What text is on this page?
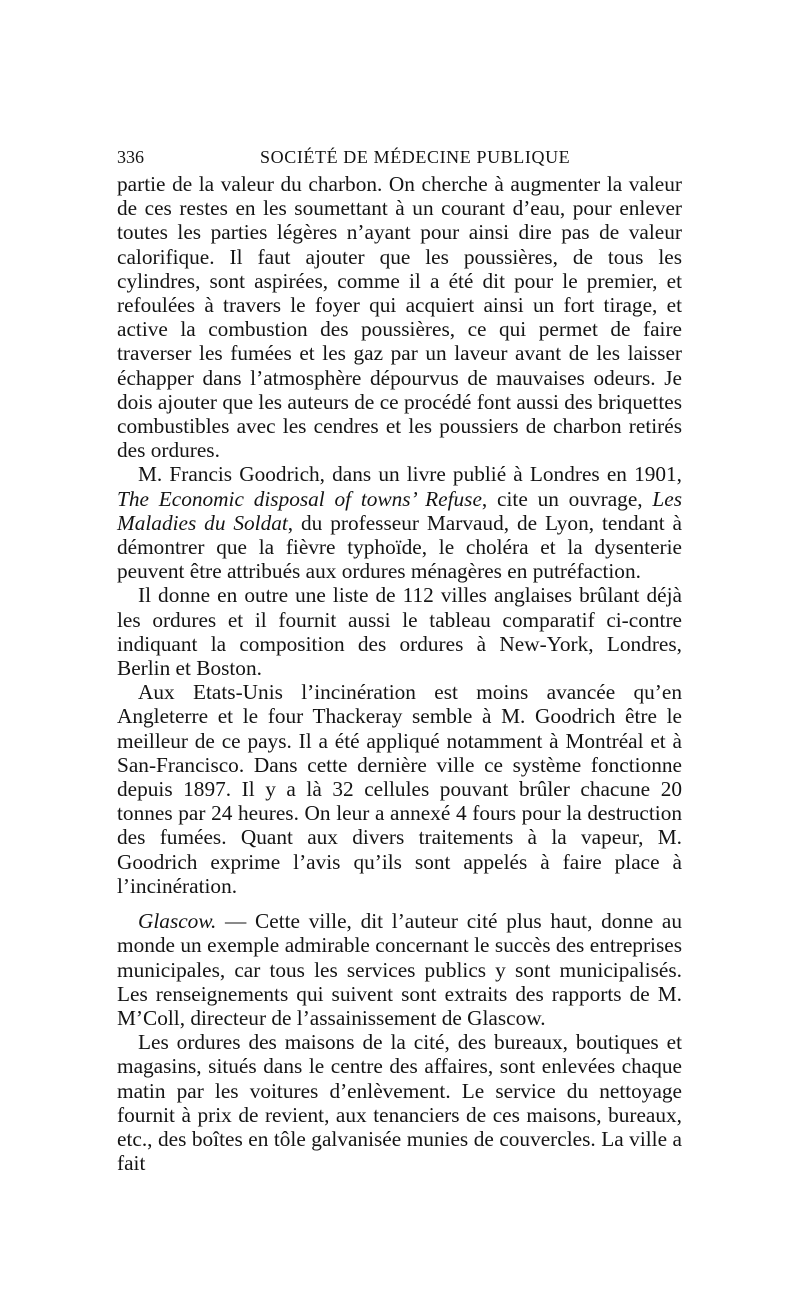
336	SOCIÉTÉ DE MÉDECINE PUBLIQUE

partie de la valeur du charbon. On cherche à augmenter la valeur de ces restes en les soumettant à un courant d’eau, pour enlever toutes les parties légères n’ayant pour ainsi dire pas de valeur calorifique. Il faut ajouter que les poussières, de tous les cylindres, sont aspirées, comme il a été dit pour le premier, et refoulées à travers le foyer qui acquiert ainsi un fort tirage, et active la combustion des poussières, ce qui permet de faire traverser les fumées et les gaz par un laveur avant de les laisser échapper dans l’atmosphère dépourvus de mauvaises odeurs. Je dois ajouter que les auteurs de ce procédé font aussi des briquettes combustibles avec les cendres et les poussiers de charbon retirés des ordures.

M. Francis Goodrich, dans un livre publié à Londres en 1901, The Economic disposal of towns’ Refuse, cite un ouvrage, Les Maladies du Soldat, du professeur Marvaud, de Lyon, tendant à démontrer que la fièvre typhoïde, le choléra et la dysenterie peuvent être attribués aux ordures ménagères en putréfaction.

Il donne en outre une liste de 112 villes anglaises brûlant déjà les ordures et il fournit aussi le tableau comparatif ci-contre indiquant la composition des ordures à New-York, Londres, Berlin et Boston.

Aux Etats-Unis l’incinération est moins avancée qu’en Angleterre et le four Thackeray semble à M. Goodrich être le meilleur de ce pays. Il a été appliqué notamment à Montréal et à San-Francisco. Dans cette dernière ville ce système fonctionne depuis 1897. Il y a là 32 cellules pouvant brûler chacune 20 tonnes par 24 heures. On leur a annexé 4 fours pour la destruction des fumées. Quant aux divers traitements à la vapeur, M. Goodrich exprime l’avis qu’ils sont appelés à faire place à l’incinération.

Glascow. — Cette ville, dit l’auteur cité plus haut, donne au monde un exemple admirable concernant le succès des entreprises municipales, car tous les services publics y sont municipalisés. Les renseignements qui suivent sont extraits des rapports de M. M’Coll, directeur de l’assainissement de Glascow.

Les ordures des maisons de la cité, des bureaux, boutiques et magasins, situés dans le centre des affaires, sont enlevées chaque matin par les voitures d’enlèvement. Le service du nettoyage fournit à prix de revient, aux tenanciers de ces maisons, bureaux, etc., des boîtes en tôle galvanisée munies de couvercles. La ville a fait
